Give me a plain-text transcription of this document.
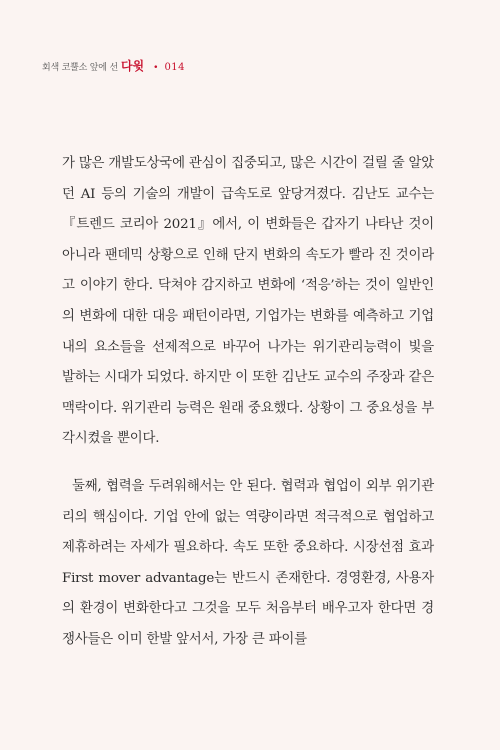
회색 코뿔소 앞에 선 다윗 • 014
가 많은 개발도상국에 관심이 집중되고, 많은 시간이 걸릴 줄 알았던 AI 등의 기술의 개발이 급속도로 앞당겨졌다. 김난도 교수는 『트렌드 코리아 2021』에서, 이 변화들은 갑자기 나타난 것이 아니라 팬데믹 상황으로 인해 단지 변화의 속도가 빨라 진 것이라고 이야기 한다. 닥쳐야 감지하고 변화에 ‘적응’하는 것이 일반인의 변화에 대한 대응 패턴이라면, 기업가는 변화를 예측하고 기업 내의 요소들을 선제적으로 바꾸어 나가는 위기관리능력이 빛을 발하는 시대가 되었다. 하지만 이 또한 김난도 교수의 주장과 같은 맥락이다. 위기관리 능력은 원래 중요했다. 상황이 그 중요성을 부각시켰을 뿐이다.
둘째, 협력을 두려워해서는 안 된다. 협력과 협업이 외부 위기관리의 핵심이다. 기업 안에 없는 역량이라면 적극적으로 협업하고 제휴하려는 자세가 필요하다. 속도 또한 중요하다. 시장선점 효과 First mover advantage는 반드시 존재한다. 경영환경, 사용자의 환경이 변화한다고 그것을 모두 처음부터 배우고자 한다면 경쟁사들은 이미 한발 앞서서, 가장 큰 파이를
